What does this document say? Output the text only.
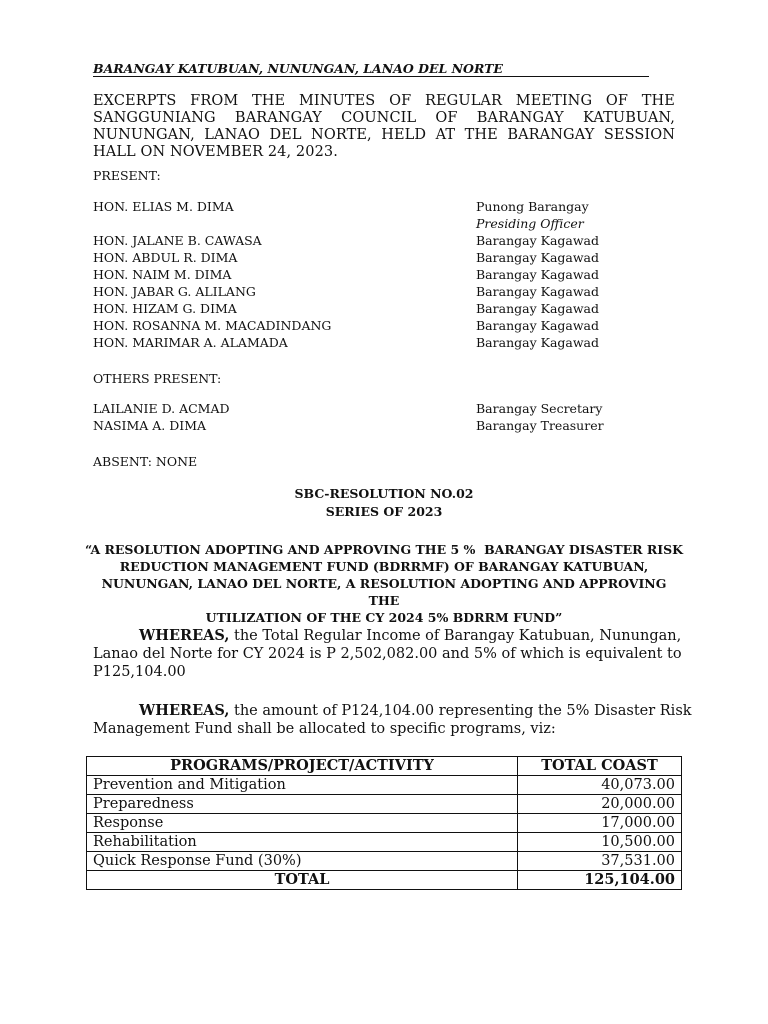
BARANGAY KATUBUAN, NUNUNGAN, LANAO DEL NORTE
EXCERPTS FROM THE MINUTES OF REGULAR MEETING OF THE SANGGUNIANG BARANGAY COUNCIL OF BARANGAY KATUBUAN, NUNUNGAN, LANAO DEL NORTE, HELD AT THE BARANGAY SESSION HALL ON NOVEMBER 24, 2023.
PRESENT:
HON. ELIAS M. DIMA	Punong Barangay
Presiding Officer
HON. JALANE B. CAWASA	Barangay Kagawad
HON. ABDUL R. DIMA	Barangay Kagawad
HON. NAIM M. DIMA	Barangay Kagawad
HON. JABAR G. ALILANG	Barangay Kagawad
HON. HIZAM G. DIMA	Barangay Kagawad
HON. ROSANNA M. MACADINDANG	Barangay Kagawad
HON. MARIMAR A. ALAMADA	Barangay Kagawad
OTHERS PRESENT:
LAILANIE D. ACMAD	Barangay Secretary
NASIMA A. DIMA	Barangay Treasurer
ABSENT: NONE
SBC-RESOLUTION NO.02
SERIES OF 2023
“A RESOLUTION ADOPTING AND APPROVING THE 5 %  BARANGAY DISASTER RISK
REDUCTION MANAGEMENT FUND (BDRRMF) OF BARANGAY KATUBUAN,
NUNUNGAN, LANAO DEL NORTE, A RESOLUTION ADOPTING AND APPROVING THE
UTILIZATION OF THE CY 2024 5% BDRRM FUND”
WHEREAS, the Total Regular Income of Barangay Katubuan, Nunungan,
Lanao del Norte for CY 2024 is P 2,502,082.00 and 5% of which is equivalent to
P125,104.00
WHEREAS, the amount of P124,104.00 representing the 5% Disaster Risk
Management Fund shall be allocated to specific programs, viz:
PROGRAMS/PROJECT/ACTIVITY	TOTAL COAST
Prevention and Mitigation	40,073.00
Preparedness	20,000.00
Response	17,000.00
Rehabilitation	10,500.00
Quick Response Fund (30%)	37,531.00
TOTAL	125,104.00
